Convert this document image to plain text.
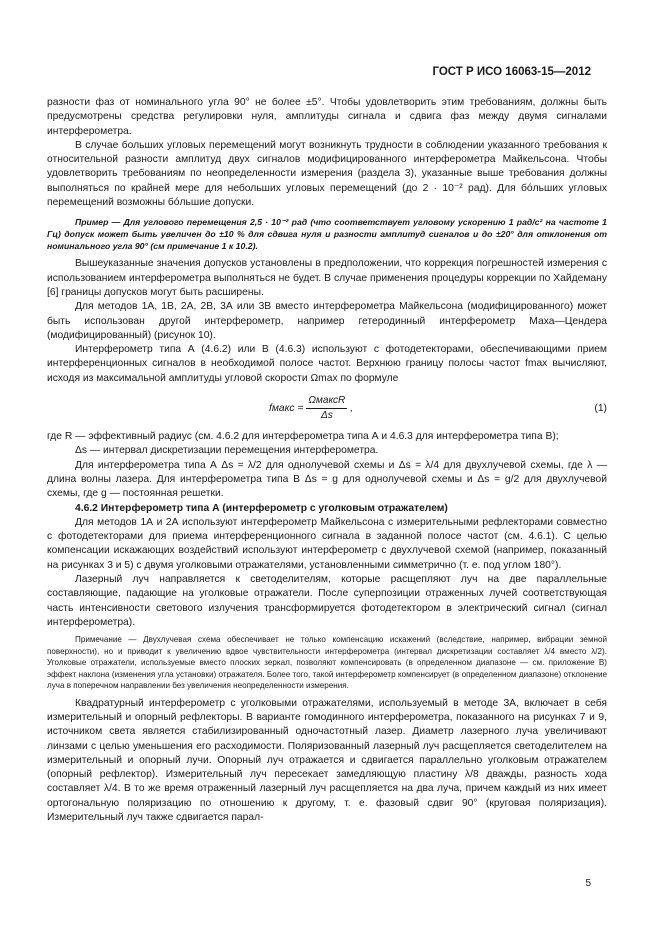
ГОСТ Р ИСО 16063-15—2012

разности фаз от номинального угла 90° не более ±5°. Чтобы удовлетворить этим требованиям, должны быть предусмотрены средства регулировки нуля, амплитуды сигнала и сдвига фаз между двумя сигналами интерферометра.

В случае больших угловых перемещений могут возникнуть трудности в соблюдении указанного требования к относительной разности амплитуд двух сигналов модифицированного интерферометра Майкельсона. Чтобы удовлетворить требованиям по неопределенности измерения (раздела 3), указанные выше требования должны выполняться по крайней мере для небольших угловых перемещений (до 2 · 10⁻² рад). Для бóльших угловых перемещений возможны бóльшие допуски.

Пример — Для углового перемещения 2,5 · 10⁻² рад (что соответствует угловому ускорению 1 рад/с² на частоте 1 Гц) допуск может быть увеличен до ±10 % для сдвига нуля и разности амплитуд сигналов и до ±20° для отклонения от номинального угла 90° (см примечание 1 к 10.2).

Вышеуказанные значения допусков установлены в предположении, что коррекция погрешностей измерения с использованием интерферометра выполняться не будет. В случае применения процедуры коррекции по Хайдеману [6] границы допусков могут быть расширены.

Для методов 1А, 1В, 2А, 2В, 3А или 3В вместо интерферометра Майкельсона (модифицированного) может быть использован другой интерферометр, например гетеродинный интерферометр Маха—Цендера (модифицированный) (рисунок 10).

Интерферометр типа А (4.6.2) или В (4.6.3) используют с фотодетекторами, обеспечивающими прием интерференционных сигналов в необходимой полосе частот. Верхнюю границу полосы частот fmax вычисляют, исходя из максимальной амплитуды угловой скорости Ωmax по формуле

fмакс = $\frac{\text{ΩмаксR}}{\Delta s}$ ,	(1)

где R — эффективный радиус (см. 4.6.2 для интерферометра типа А и 4.6.3 для интерферометра типа В);

Δs — интервал дискретизации перемещения интерферометра.

Для интерферометра типа А Δs = λ/2 для однолучевой схемы и Δs = λ/4 для двухлучевой схемы, где λ — длина волны лазера. Для интерферометра типа В Δs = g для однолучевой схемы и Δs = g/2 для двухлучевой схемы, где g — постоянная решетки.

4.6.2 Интерферометр типа А (интерферометр с уголковым отражателем)

Для методов 1А и 2А используют интерферометр Майкельсона с измерительными рефлекторами совместно с фотодетекторами для приема интерференционного сигнала в заданной полосе частот (см. 4.6.1). С целью компенсации искажающих воздействий используют интерферометр с двухлучевой схемой (например, показанный на рисунках 3 и 5) с двумя уголковыми отражателями, установленными симметрично (т. е. под углом 180°).

Лазерный луч направляется к светоделителям, которые расщепляют луч на две параллельные составляющие, падающие на уголковые отражатели. После суперпозиции отраженных лучей соответствующая часть интенсивности светового излучения трансформируется фотодетектором в электрический сигнал (сигнал интерферометра).

Примечание — Двухлучевая схема обеспечивает не только компенсацию искажений (вследствие, например, вибрации земной поверхности), но и приводит к увеличению вдвое чувствительности интерферометра (интервал дискретизации составляет λ/4 вместо λ/2). Уголковые отражатели, используемые вместо плоских зеркал, позволяют компенсировать (в определенном диапазоне — см. приложение В) эффект наклона (изменения угла установки) отражателя. Более того, такой интерферометр компенсирует (в определенном диапазоне) отклонение луча в поперечном направлении без увеличения неопределенности измерения.

Квадратурный интерферометр с уголковыми отражателями, используемый в методе 3А, включает в себя измерительный и опорный рефлекторы. В варианте гомодинного интерферометра, показанного на рисунках 7 и 9, источником света является стабилизированный одночастотный лазер. Диаметр лазерного луча увеличивают линзами с целью уменьшения его расходимости. Поляризованный лазерный луч расщепляется светоделителем на измерительный и опорный лучи. Опорный луч отражается и сдвигается параллельно уголковым отражателем (опорный рефлектор). Измерительный луч пересекает замедляющую пластину λ/8 дважды, разность хода составляет λ/4. В то же время отраженный лазерный луч расщепляется на два луча, причем каждый из них имеет ортогональную поляризацию по отношению к другому, т. е. фазовый сдвиг 90° (круговая поляризация). Измерительный луч также сдвигается парал-

5
